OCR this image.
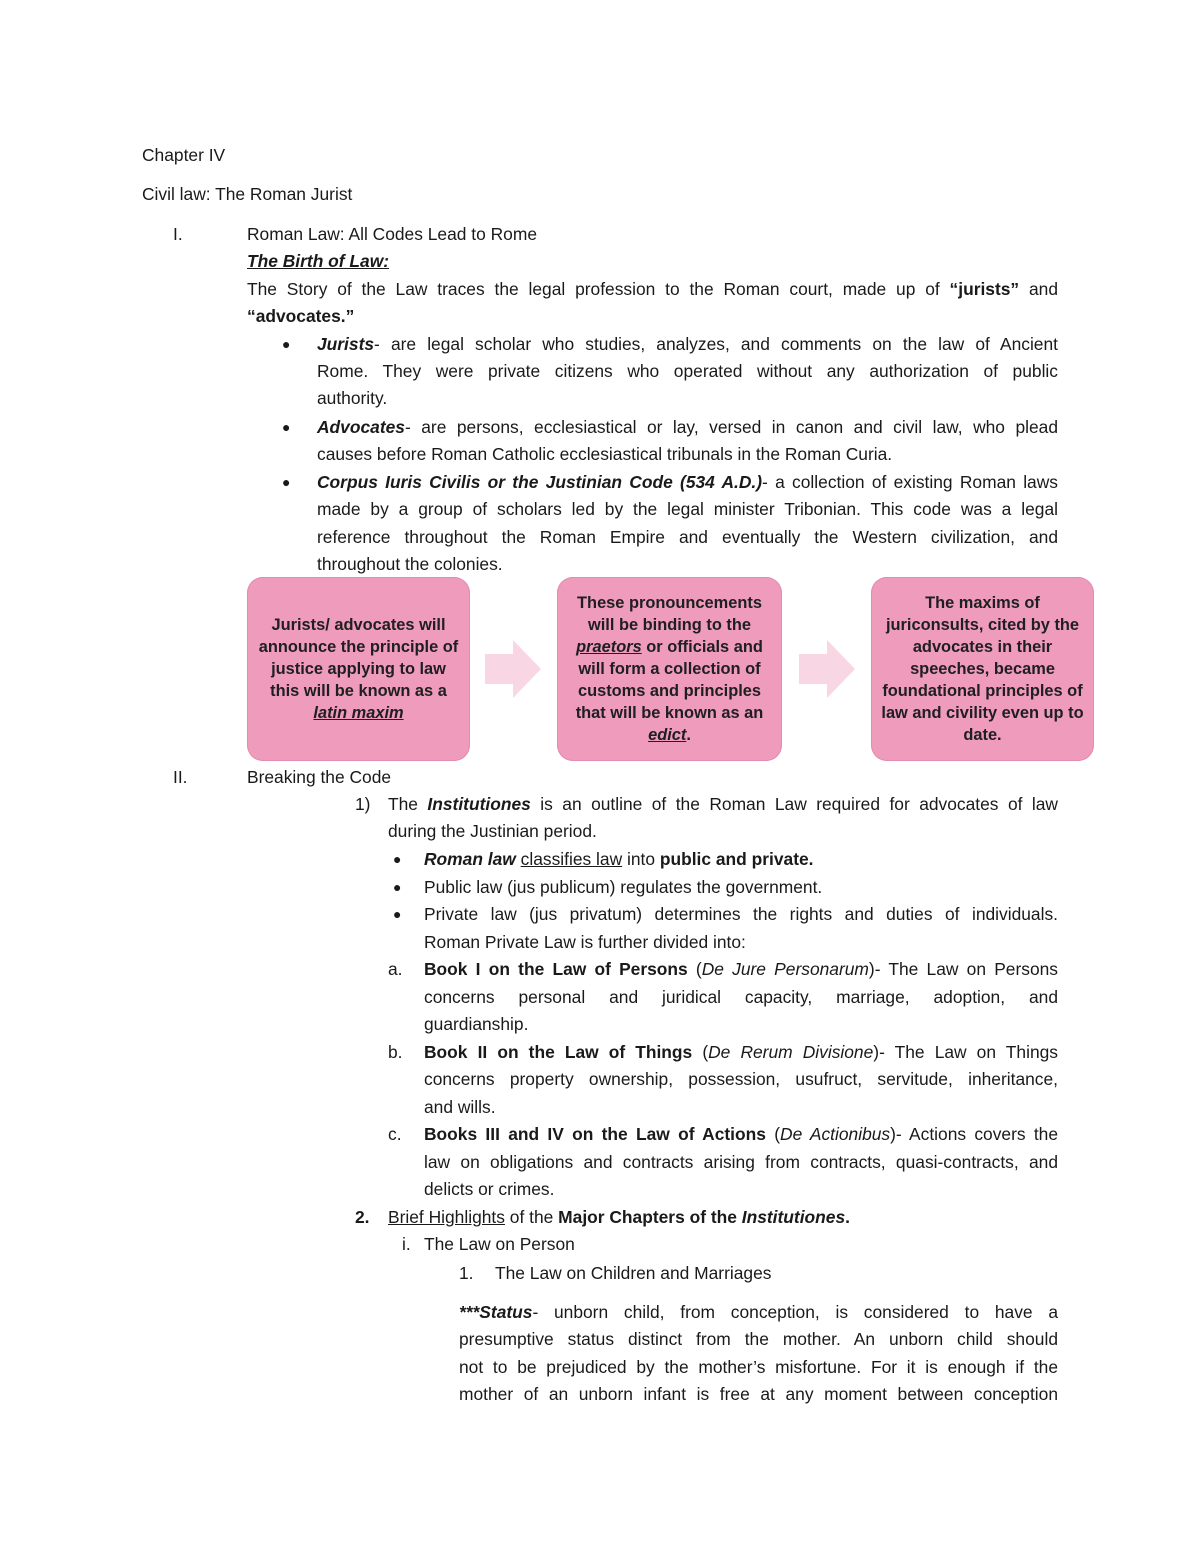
Chapter IV
Civil law: The Roman Jurist
I.	Roman Law: All Codes Lead to Rome
The Birth of Law:
The Story of the Law traces the legal profession to the Roman court, made up of “jurists” and
“advocates.”
● Jurists- are legal scholar who studies, analyzes, and comments on the law of Ancient
Rome. They were private citizens who operated without any authorization of public
authority.
● Advocates- are persons, ecclesiastical or lay, versed in canon and civil law, who plead
causes before Roman Catholic ecclesiastical tribunals in the Roman Curia.
● Corpus Iuris Civilis or the Justinian Code (534 A.D.)- a collection of existing Roman laws
made by a group of scholars led by the legal minister Tribonian. This code was a legal
reference throughout the Roman Empire and eventually the Western civilization, and
throughout the colonies.
Jurists/ advocates will announce the principle of justice applying to law this will be known as a latin maxim
These pronouncements will be binding to the praetors or officials and will form a collection of customs and principles that will be known as an edict.
The maxims of juriconsults, cited by the advocates in their speeches, became foundational principles of law and civility even up to date.
II.	Breaking the Code
1) The Institutiones is an outline of the Roman Law required for advocates of law
during the Justinian period.
● Roman law classifies law into public and private.
● Public law (jus publicum) regulates the government.
● Private law (jus privatum) determines the rights and duties of individuals.
Roman Private Law is further divided into:
a. Book I on the Law of Persons (De Jure Personarum)- The Law on Persons
concerns personal and juridical capacity, marriage, adoption, and
guardianship.
b. Book II on the Law of Things (De Rerum Divisione)- The Law on Things
concerns property ownership, possession, usufruct, servitude, inheritance,
and wills.
c. Books III and IV on the Law of Actions (De Actionibus)- Actions covers the
law on obligations and contracts arising from contracts, quasi-contracts, and
delicts or crimes.
2. Brief Highlights of the Major Chapters of the Institutiones.
i. The Law on Person
1. The Law on Children and Marriages
***Status- unborn child, from conception, is considered to have a
presumptive status distinct from the mother. An unborn child should
not to be prejudiced by the mother’s misfortune. For it is enough if the
mother of an unborn infant is free at any moment between conception
